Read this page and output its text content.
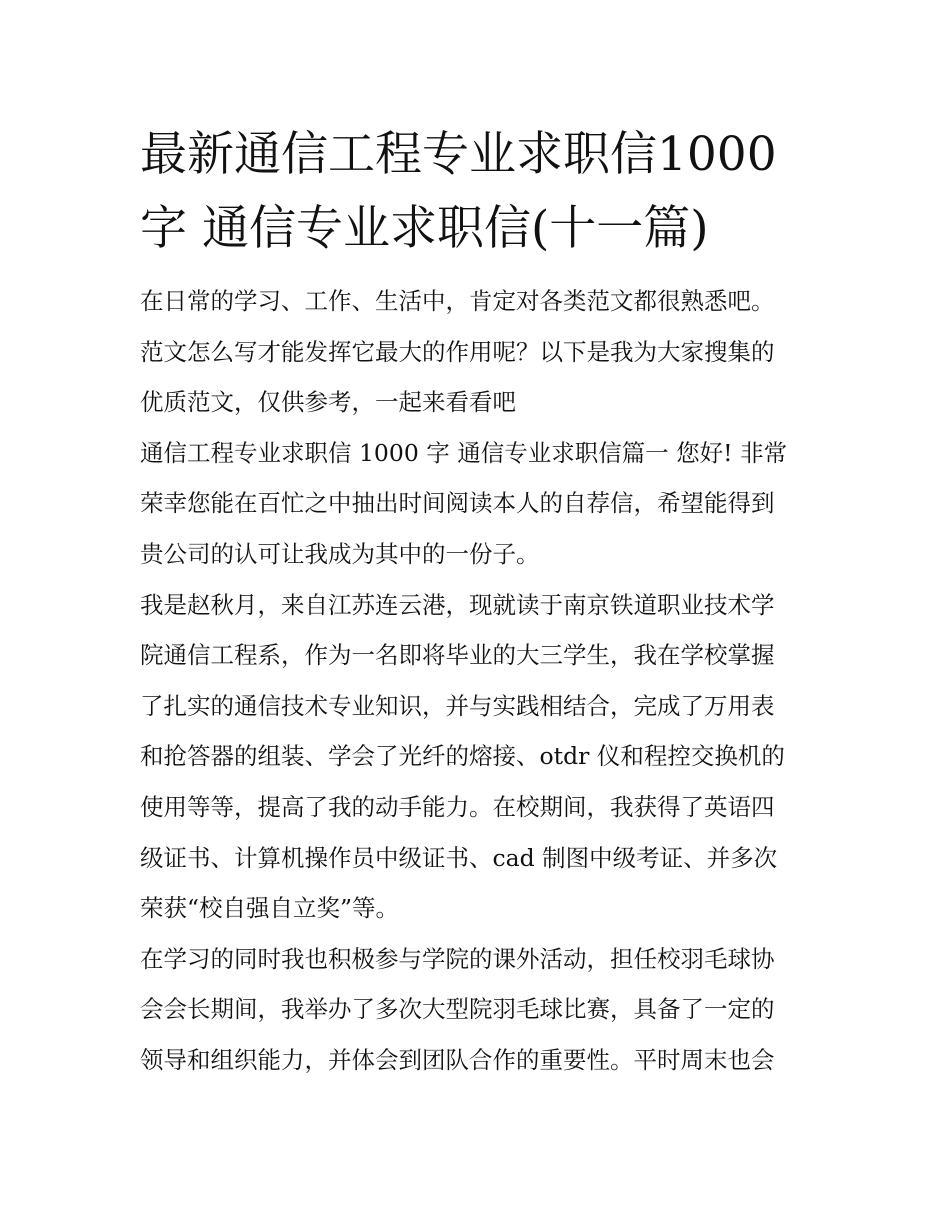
最新通信工程专业求职信1000
字 通信专业求职信(十一篇)

在日常的学习、工作、生活中，肯定对各类范文都很熟悉吧。
范文怎么写才能发挥它最大的作用呢？以下是我为大家搜集的
优质范文，仅供参考，一起来看看吧

通信工程专业求职信 1000 字 通信专业求职信篇一 您好! 非常
荣幸您能在百忙之中抽出时间阅读本人的自荐信，希望能得到
贵公司的认可让我成为其中的一份子。

我是赵秋月，来自江苏连云港，现就读于南京铁道职业技术学
院通信工程系，作为一名即将毕业的大三学生，我在学校掌握
了扎实的通信技术专业知识，并与实践相结合，完成了万用表
和抢答器的组装、学会了光纤的熔接、otdr 仪和程控交换机的
使用等等，提高了我的动手能力。在校期间，我获得了英语四
级证书、计算机操作员中级证书、cad 制图中级考证、并多次
荣获“校自强自立奖”等。

在学习的同时我也积极参与学院的课外活动，担任校羽毛球协
会会长期间，我举办了多次大型院羽毛球比赛，具备了一定的
领导和组织能力，并体会到团队合作的重要性。平时周末也会
